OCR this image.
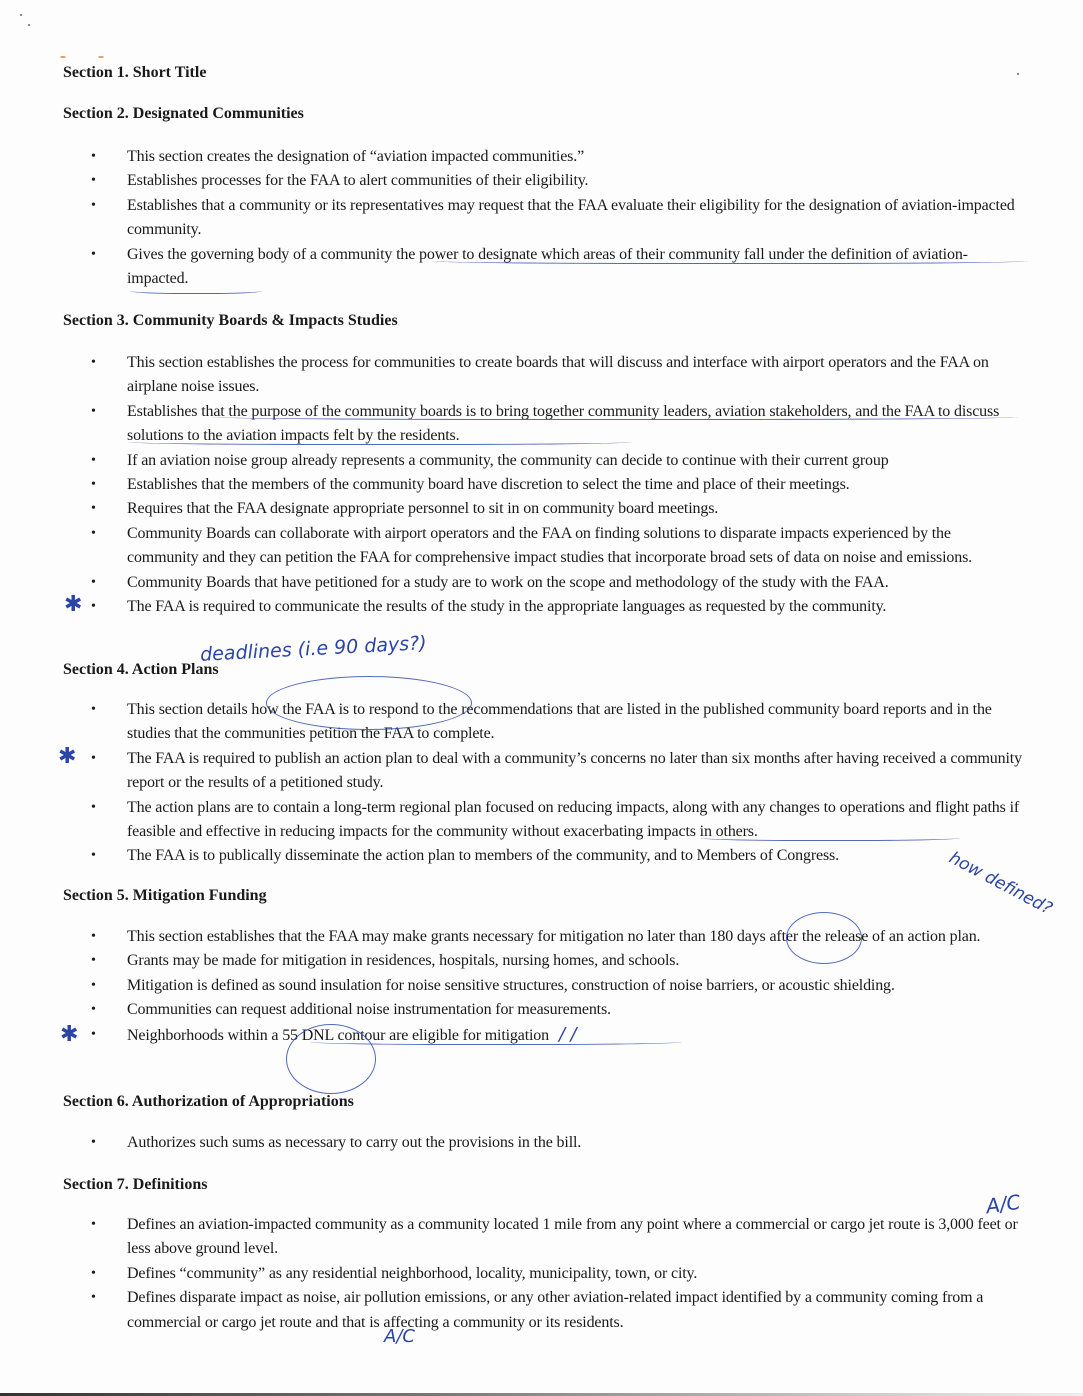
Section 1. Short Title
Section 2. Designated Communities
• This section creates the designation of “aviation impacted communities.”
• Establishes processes for the FAA to alert communities of their eligibility.
• Establishes that a community or its representatives may request that the FAA evaluate their eligibility for the designation of aviation-impacted community.
• Gives the governing body of a community the power to designate which areas of their community fall under the definition of aviation-impacted.
Section 3. Community Boards & Impacts Studies
• This section establishes the process for communities to create boards that will discuss and interface with airport operators and the FAA on airplane noise issues.
• Establishes that the purpose of the community boards is to bring together community leaders, aviation stakeholders, and the FAA to discuss solutions to the aviation impacts felt by the residents.
• If an aviation noise group already represents a community, the community can decide to continue with their current group
• Establishes that the members of the community board have discretion to select the time and place of their meetings.
• Requires that the FAA designate appropriate personnel to sit in on community board meetings.
• Community Boards can collaborate with airport operators and the FAA on finding solutions to disparate impacts experienced by the community and they can petition the FAA for comprehensive impact studies that incorporate broad sets of data on noise and emissions.
• Community Boards that have petitioned for a study are to work on the scope and methodology of the study with the FAA.
• The FAA is required to communicate the results of the study in the appropriate languages as requested by the community.
✱
deadlines (i.e 90 days?)
Section 4. Action Plans
• This section details how the FAA is to respond to the recommendations that are listed in the published community board reports and in the studies that the communities petition the FAA to complete.
• The FAA is required to publish an action plan to deal with a community’s concerns no later than six months after having received a community report or the results of a petitioned study.
• The action plans are to contain a long-term regional plan focused on reducing impacts, along with any changes to operations and flight paths if feasible and effective in reducing impacts for the community without exacerbating impacts in others.
• The FAA is to publically disseminate the action plan to members of the community, and to Members of Congress.
✱
how defined?
Section 5. Mitigation Funding
• This section establishes that the FAA may make grants necessary for mitigation no later than 180 days after the release of an action plan.
• Grants may be made for mitigation in residences, hospitals, nursing homes, and schools.
• Mitigation is defined as sound insulation for noise sensitive structures, construction of noise barriers, or acoustic shielding.
• Communities can request additional noise instrumentation for measurements.
• Neighborhoods within a 55 DNL contour are eligible for mitigation / /
✱
Section 6. Authorization of Appropriations
• Authorizes such sums as necessary to carry out the provisions in the bill.
Section 7. Definitions
• Defines an aviation-impacted community as a community located 1 mile from any point where a commercial or cargo jet route is 3,000 feet or less above ground level.
• Defines “community” as any residential neighborhood, locality, municipality, town, or city.
• Defines disparate impact as noise, air pollution emissions, or any other aviation-related impact identified by a community coming from a commercial or cargo jet route and that is affecting a community or its residents.
A/C
A/C
